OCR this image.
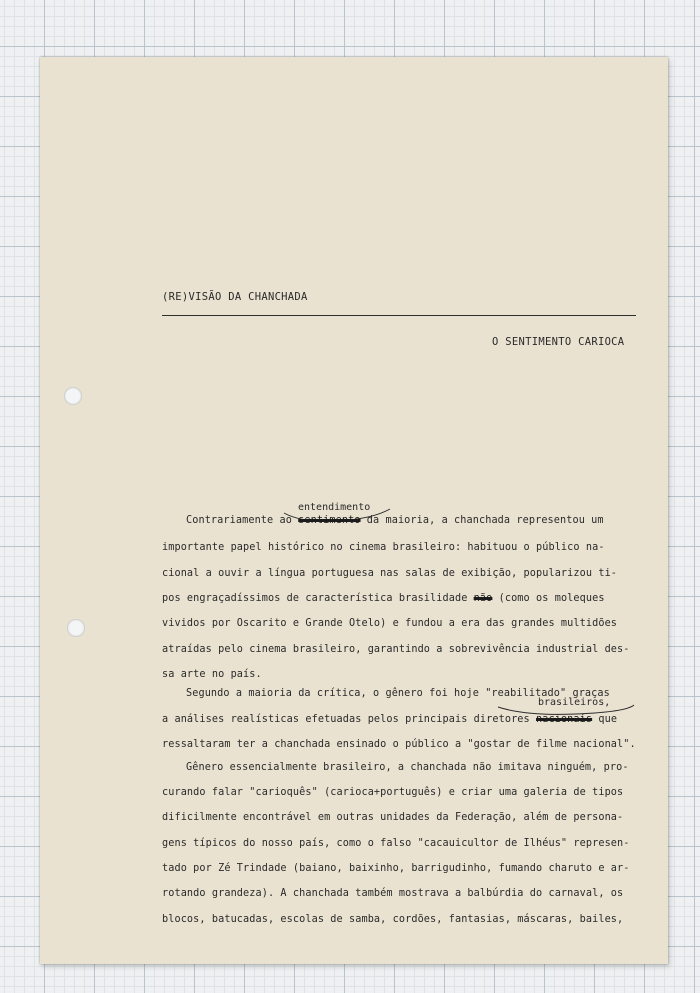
(RE)VISÃO DA CHANCHADA
O SENTIMENTO CARIOCA
entendimento
brasileiros,
Contrariamente ao sentimento da maioria, a chanchada representou um
importante papel histórico no cinema brasileiro: habituou o público na-
cional a ouvir a língua portuguesa nas salas de exibição, popularizou ti-
pos engraçadíssimos de característica brasilidade não (como os moleques
vividos por Oscarito e Grande Otelo) e fundou a era das grandes multidões
atraídas pelo cinema brasileiro, garantindo a sobrevivência industrial des-
sa arte no país.
Segundo a maioria da crítica, o gênero foi hoje "reabilitado" graças
a análises realísticas efetuadas pelos principais diretores nacionais que
ressaltaram ter a chanchada ensinado o público a "gostar de filme nacional".
Gênero essencialmente brasileiro, a chanchada não imitava ninguém, pro-
curando falar "carioquês" (carioca+português) e criar uma galeria de tipos
dificilmente encontrável em outras unidades da Federação, além de persona-
gens típicos do nosso país, como o falso "cacauicultor de Ilhéus" represen-
tado por Zé Trindade (baiano, baixinho, barrigudinho, fumando charuto e ar-
rotando grandeza). A chanchada também mostrava a balbúrdia do carnaval, os
blocos, batucadas, escolas de samba, cordões, fantasias, máscaras, bailes,
